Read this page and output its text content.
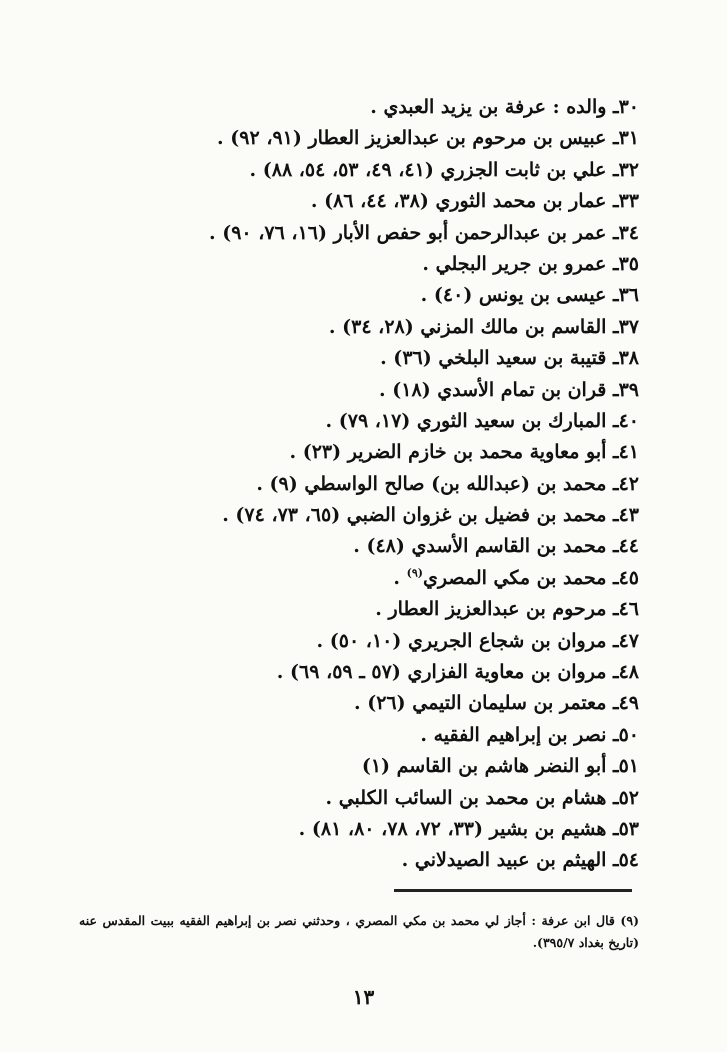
٣٠ـ والده : عرفة بن يزيد العبدي .
٣١ـ عبيس بن مرحوم بن عبدالعزيز العطار (٩١، ٩٢) .
٣٢ـ علي بن ثابت الجزري (٤١، ٤٩، ٥٣، ٥٤، ٨٨) .
٣٣ـ عمار بن محمد الثوري (٣٨، ٤٤، ٨٦) .
٣٤ـ عمر بن عبدالرحمن أبو حفص الأبار (١٦، ٧٦، ٩٠) .
٣٥ـ عمرو بن جرير البجلي .
٣٦ـ عيسى بن يونس (٤٠) .
٣٧ـ القاسم بن مالك المزني (٢٨، ٣٤) .
٣٨ـ قتيبة بن سعيد البلخي (٣٦) .
٣٩ـ قران بن تمام الأسدي (١٨) .
٤٠ـ المبارك بن سعيد الثوري (١٧، ٧٩) .
٤١ـ أبو معاوية محمد بن خازم الضرير (٢٣) .
٤٢ـ محمد بن (عبدالله بن) صالح الواسطي (٩) .
٤٣ـ محمد بن فضيل بن غزوان الضبي (٦٥، ٧٣، ٧٤) .
٤٤ـ محمد بن القاسم الأسدي (٤٨) .
٤٥ـ محمد بن مكي المصري$^{(٩)}$ .
٤٦ـ مرحوم بن عبدالعزيز العطار .
٤٧ـ مروان بن شجاع الجريري (١٠، ٥٠) .
٤٨ـ مروان بن معاوية الفزاري (٥٧ ـ ٥٩، ٦٩) .
٤٩ـ معتمر بن سليمان التيمي (٢٦) .
٥٠ـ نصر بن إبراهيم الفقيه .
٥١ـ أبو النضر هاشم بن القاسم (١)
٥٢ـ هشام بن محمد بن السائب الكلبي .
٥٣ـ هشيم بن بشير (٣٣، ٧٢، ٧٨، ٨٠، ٨١) .
٥٤ـ الهيثم بن عبيد الصيدلاني .
(٩) قال ابن عرفة : أجاز لي محمد بن مكي المصري ، وحدثني نصر بن إبراهيم الفقيه ببيت المقدس عنه (تاريخ بغداد ٣٩٥/٧).
١٣
